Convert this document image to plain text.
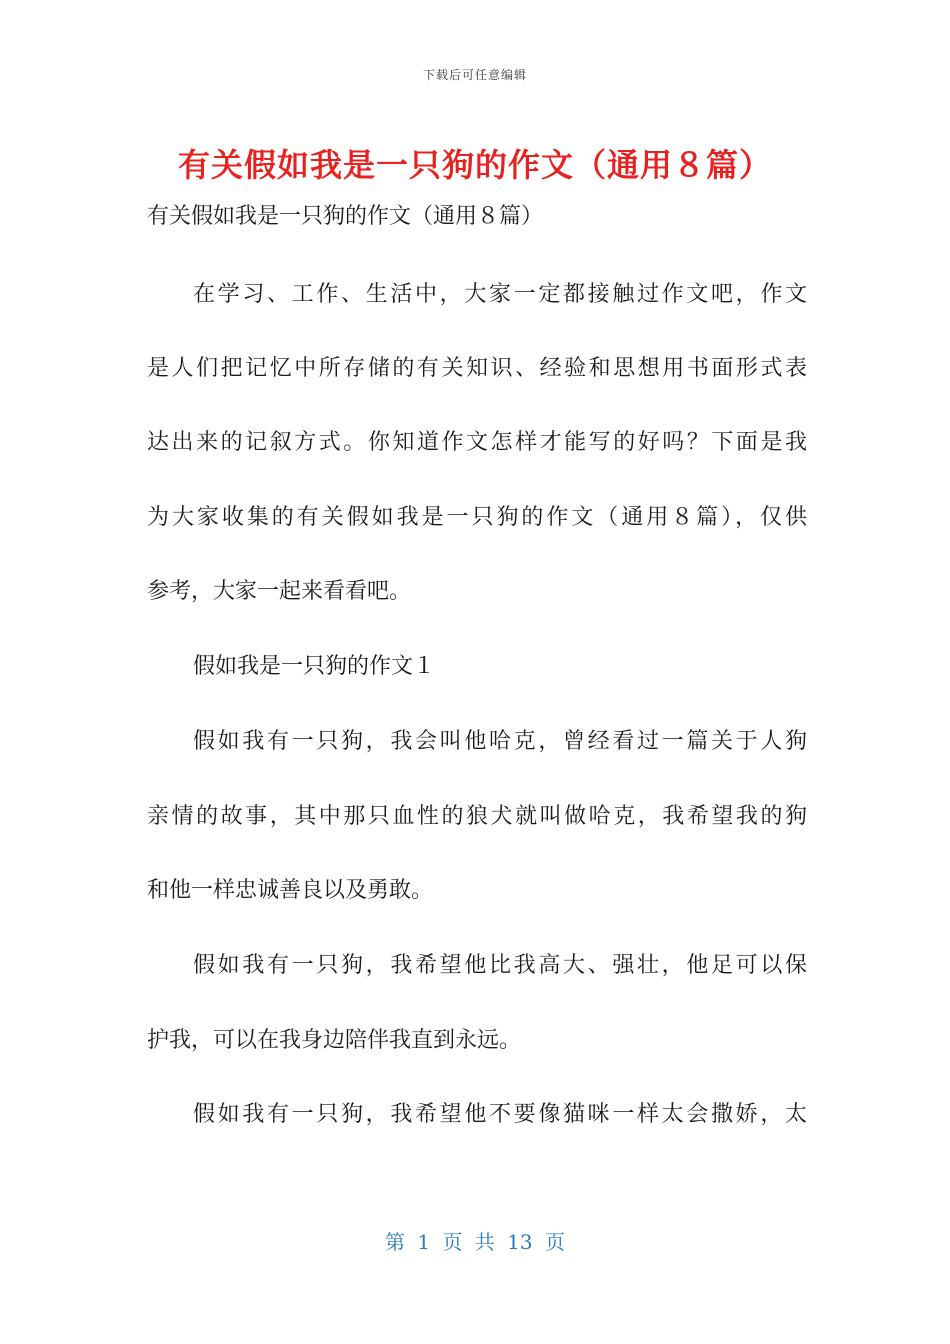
下载后可任意编辑
有关假如我是一只狗的作文（通用８篇）
有关假如我是一只狗的作文（通用８篇）
在学习、工作、生活中，大家一定都接触过作文吧，作文
是人们把记忆中所存储的有关知识、经验和思想用书面形式表
达出来的记叙方式。你知道作文怎样才能写的好吗？下面是我
为大家收集的有关假如我是一只狗的作文（通用８篇），仅供
参考，大家一起来看看吧。
假如我是一只狗的作文１
假如我有一只狗，我会叫他哈克，曾经看过一篇关于人狗
亲情的故事，其中那只血性的狼犬就叫做哈克，我希望我的狗
和他一样忠诚善良以及勇敢。
假如我有一只狗，我希望他比我高大、强壮，他足可以保
护我，可以在我身边陪伴我直到永远。
假如我有一只狗，我希望他不要像猫咪一样太会撒娇，太
第 1 页 共 13 页
